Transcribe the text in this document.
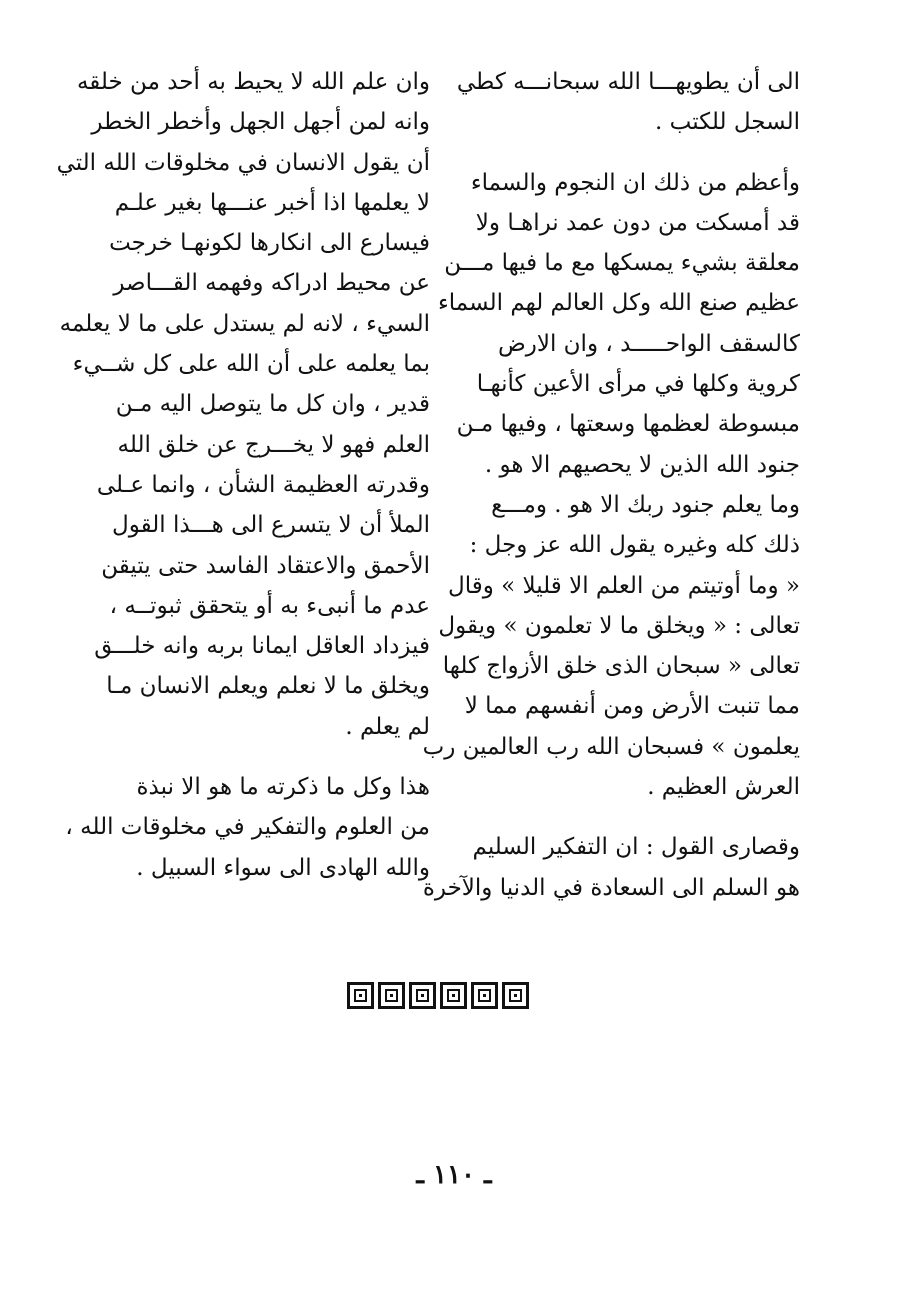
الى أن يطويهـــا الله سبحانـــه كطي
السجل للكتب .
وأعظم من ذلك ان النجوم والسماء
قد أمسكت من دون عمد نراهـا ولا
معلقة بشيء يمسكها مع ما فيها مـــن
عظيم صنع الله وكل العالم لهم السماء
كالسقف الواحـــــد ، وان الارض
كروية وكلها في مرأى الأعين كأنهـا
مبسوطة لعظمها وسعتها ، وفيها مـن
جنود الله الذين لا يحصيهم الا هو .
وما يعلم جنود ربك الا هو . ومـــع
ذلك كله وغيره يقول الله عز وجل :
« وما أوتيتم من العلم الا قليلا » وقال
تعالى : « ويخلق ما لا تعلمون » ويقول
تعالى « سبحان الذى خلق الأزواج كلها
مما تنبت الأرض ومن أنفسهم مما لا
يعلمون » فسبحان الله رب العالمين رب
العرش العظيم .
وقصارى القول : ان التفكير السليم
هو السلم الى السعادة في الدنيا والآخرة
وان علم الله لا يحيط به أحد من خلقه
وانه لمن أجهل الجهل وأخطر الخطر
أن يقول الانسان في مخلوقات الله التي
لا يعلمها اذا أخبر عنـــها بغير علـم
فيسارع الى انكارها لكونهـا خرجت
عن محيط ادراكه وفهمه القـــاصر
السيء ، لانه لم يستدل على ما لا يعلمه
بما يعلمه على أن الله على كل شــيء
قدير ، وان كل ما يتوصل اليه مـن
العلم فهو لا يخـــرج عن خلق الله
وقدرته العظيمة الشأن ، وانما عـلى
الملأ أن لا يتسرع الى هـــذا القول
الأحمق والاعتقاد الفاسد حتى يتيقن
عدم ما أنبىء به أو يتحقق ثبوتــه ،
فيزداد العاقل ايمانا بربه وانه خلـــق
ويخلق ما لا نعلم ويعلم الانسان مـا
لم يعلم .
هذا وكل ما ذكرته ما هو الا نبذة
من العلوم والتفكير في مخلوقات الله ،
والله الهادى الى سواء السبيل .
ـ ١١٠ ـ
